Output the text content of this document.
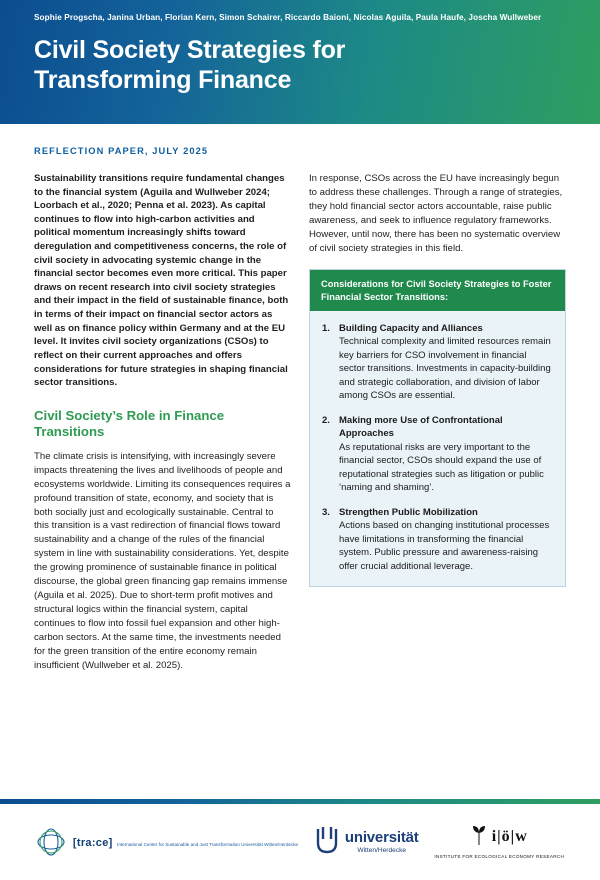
Sophie Progscha, Janina Urban, Florian Kern, Simon Schairer, Riccardo Baioni, Nicolas Aguila, Paula Haufe, Joscha Wullweber
Civil Society Strategies for
Transforming Finance
REFLECTION PAPER, JULY 2025
Sustainability transitions require fundamental changes to the financial system (Aguila and Wullweber 2024; Loorbach et al., 2020; Penna et al. 2023). As capital continues to flow into high-carbon activities and political momentum increasingly shifts toward deregulation and competitiveness concerns, the role of civil society in advocating systemic change in the financial sector becomes even more critical. This paper draws on recent research into civil society strategies and their impact in the field of sustainable finance, both in terms of their impact on financial sector actors as well as on finance policy within Germany and at the EU level. It invites civil society organizations (CSOs) to reflect on their current approaches and offers considerations for future strategies in shaping financial sector transitions.
Civil Society’s Role in Finance Transitions

The climate crisis is intensifying, with increasingly severe impacts threatening the lives and livelihoods of people and ecosystems worldwide. Limiting its consequences requires a profound transition of state, economy, and society that is both socially just and ecologically sustainable. Central to this transition is a vast redirection of financial flows toward sustainability and a change of the rules of the financial system in line with sustainability considerations. Yet, despite the growing prominence of sustainable finance in political discourse, the global green financing gap remains immense (Aguila et al. 2025). Due to short-term profit motives and structural logics within the financial system, capital continues to flow into fossil fuel expansion and other high-carbon sectors. At the same time, the investments needed for the green transition of the entire economy remain insufficient (Wullweber et al. 2025).

In response, CSOs across the EU have increasingly begun to address these challenges. Through a range of strategies, they hold financial sector actors accountable, raise public awareness, and seek to influence regulatory frameworks. However, until now, there has been no systematic overview of civil society strategies in this field.

Considerations for Civil Society Strategies to Foster Financial Sector Transitions:
1. Building Capacity and Alliances
Technical complexity and limited resources remain key barriers for CSO involvement in financial sector transitions. Investments in capacity-building and strategic collaboration, and division of labor among CSOs are essential.
2. Making more Use of Confrontational Approaches
As reputational risks are very important to the financial sector, CSOs should expand the use of reputational strategies such as litigation or public ‘naming and shaming’.
3. Strengthen Public Mobilization
Actions based on changing institutional processes have limitations in transforming the financial system. Public pressure and awareness-raising offer crucial additional leverage.
[tra:ce] International Center for Sustainable and Just Transformation Universität Witten/Herdecke	universität
Witten/Herdecke
i|ö|w
INSTITUTE FOR ECOLOGICAL ECONOMY RESEARCH
